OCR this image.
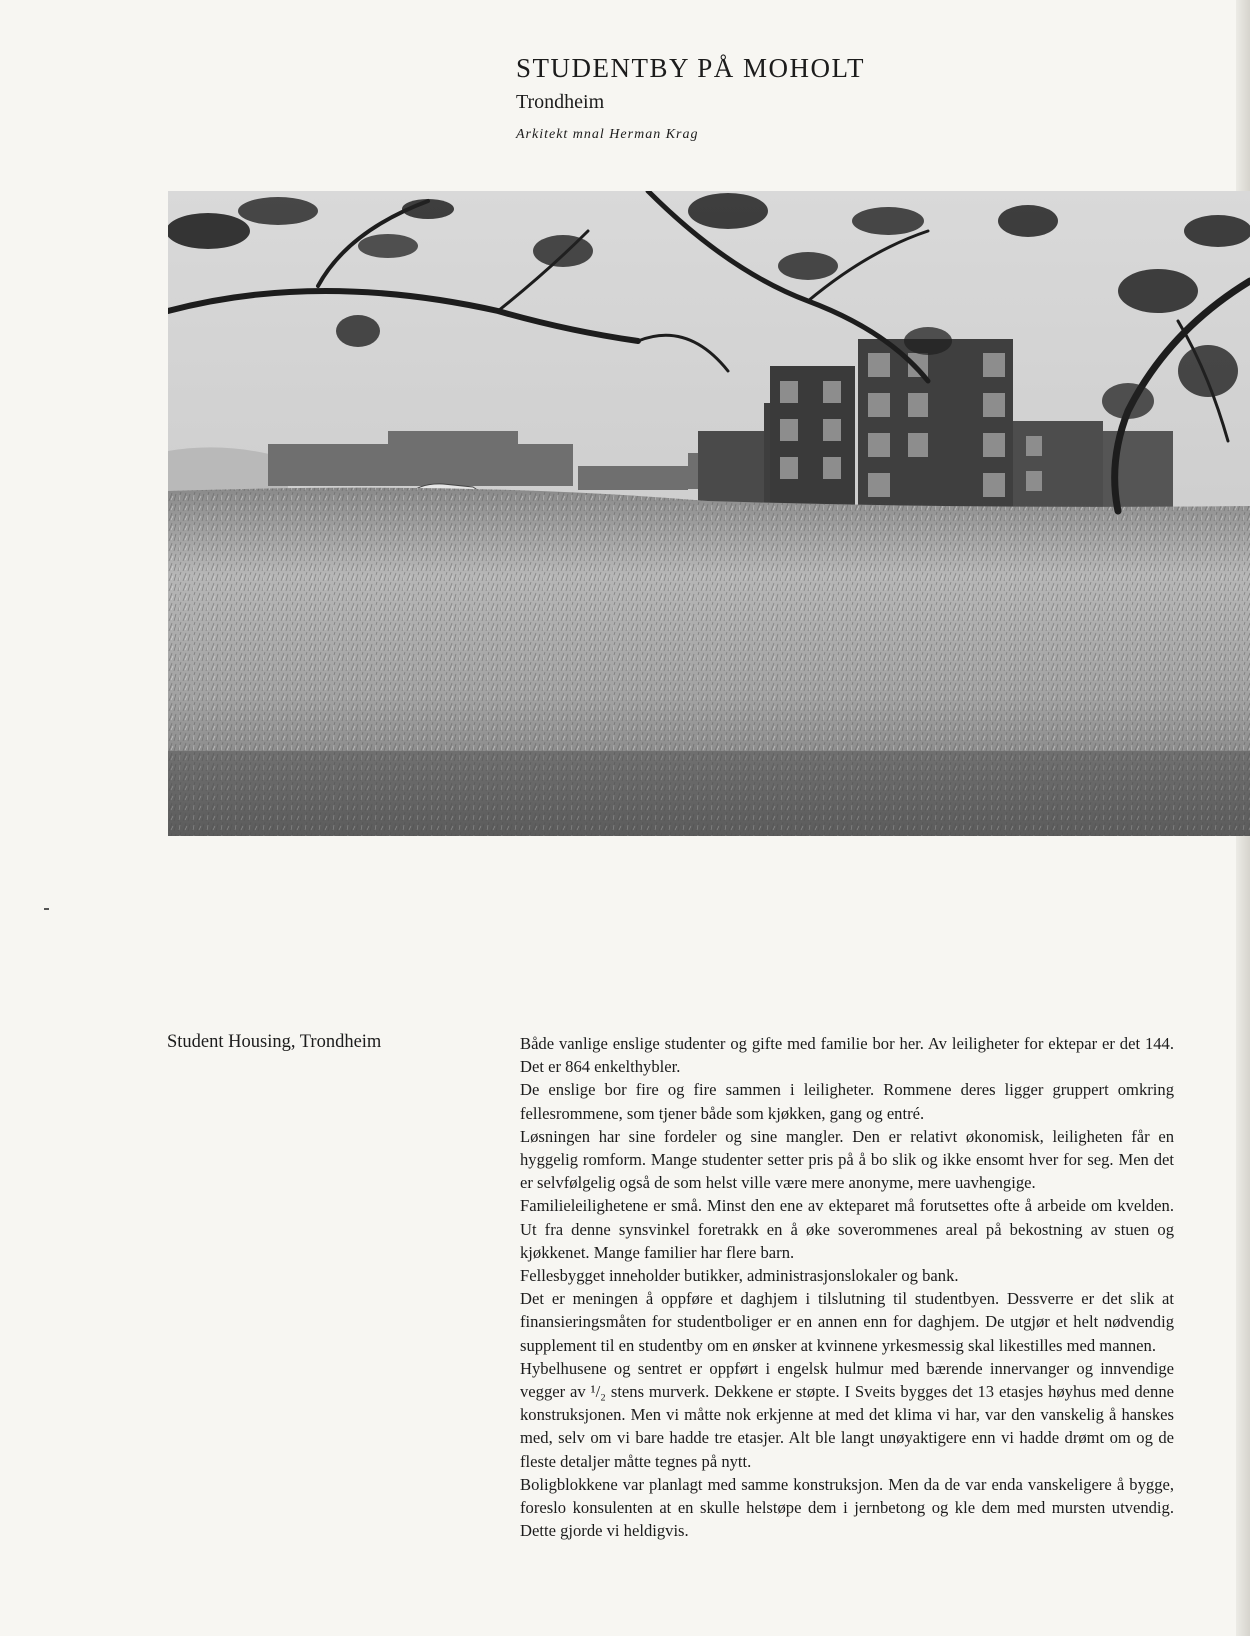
STUDENTBY PÅ MOHOLT
Trondheim
Arkitekt mnal Herman Krag
Student Housing, Trondheim	Både vanlige enslige studenter og gifte med familie bor her. Av leiligheter for ektepar er det 144. Det er 864 enkelthybler.

De enslige bor fire og fire sammen i leiligheter. Rommene deres ligger gruppert omkring fellesrommene, som tjener både som kjøkken, gang og entré.

Løsningen har sine fordeler og sine mangler. Den er relativt økonomisk, leiligheten får en hyggelig romform. Mange studenter setter pris på å bo slik og ikke ensomt hver for seg. Men det er selvfølgelig også de som helst ville være mere anonyme, mere uavhengige.

Familieleilighetene er små. Minst den ene av ekteparet må forutsettes ofte å arbeide om kvelden. Ut fra denne synsvinkel foretrakk en å øke soverommenes areal på bekostning av stuen og kjøkkenet. Mange familier har flere barn.

Fellesbygget inneholder butikker, administrasjonslokaler og bank.

Det er meningen å oppføre et daghjem i tilslutning til studentbyen. Dessverre er det slik at finansieringsmåten for studentboliger er en annen enn for daghjem. De utgjør et helt nødvendig supplement til en studentby om en ønsker at kvinnene yrkesmessig skal likestilles med mannen.

Hybelhusene og sentret er oppført i engelsk hulmur med bærende innervanger og innvendige vegger av ¹/₂ stens murverk. Dekkene er støpte. I Sveits bygges det 13 etasjes høyhus med denne konstruksjonen. Men vi måtte nok erkjenne at med det klima vi har, var den vanskelig å hanskes med, selv om vi bare hadde tre etasjer. Alt ble langt unøyaktigere enn vi hadde drømt om og de fleste detaljer måtte tegnes på nytt.

Boligblokkene var planlagt med samme konstruksjon. Men da de var enda vanskeligere å bygge, foreslo konsulenten at en skulle helstøpe dem i jernbetong og kle dem med mursten utvendig. Dette gjorde vi heldigvis.
